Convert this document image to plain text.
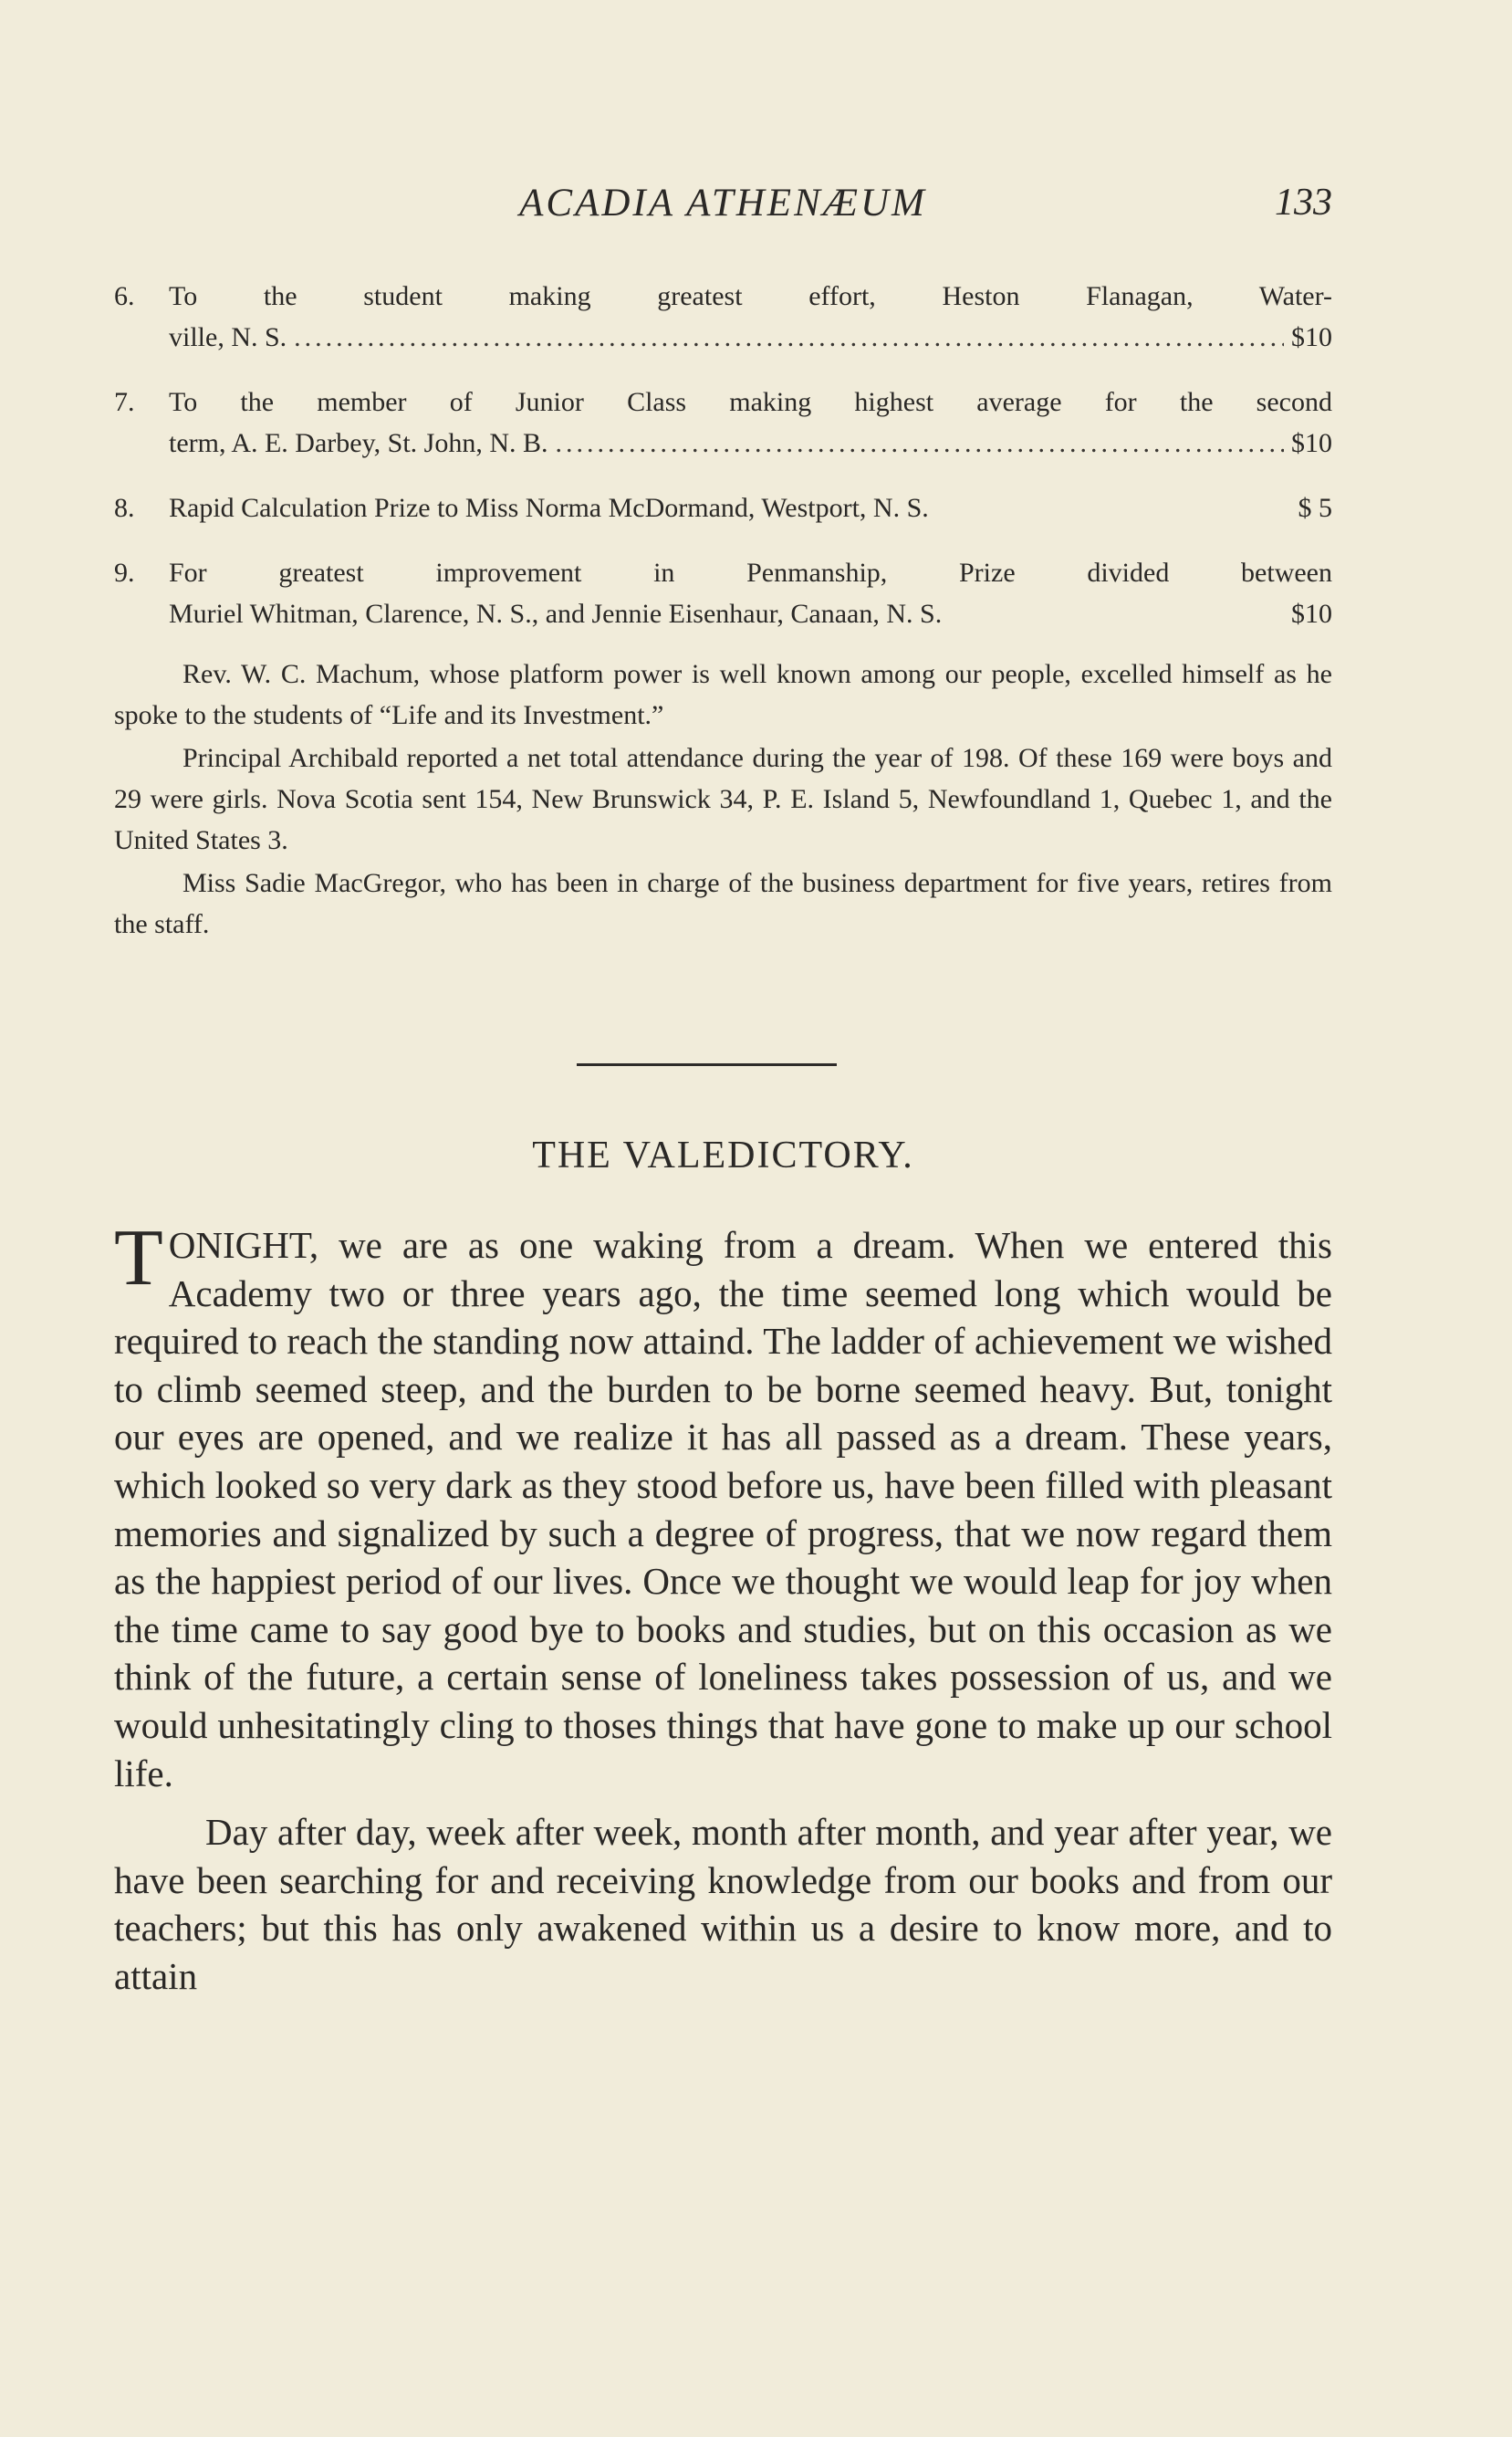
ACADIA ATHENÆUM	133
6. To the student making greatest effort, Heston Flanagan, Water-
ville, N. S. .....	$10
7. To the member of Junior Class making highest average for the second
term, A. E. Darbey, St. John, N. B. .....	$10
8. Rapid Calculation Prize to Miss Norma McDormand, Westport, N. S.	$ 5
9. For greatest improvement in Penmanship, Prize divided between
Muriel Whitman, Clarence, N. S., and Jennie Eisenhaur, Canaan, N. S.	$10

Rev. W. C. Machum, whose platform power is well known among our people, excelled himself as he spoke to the students of “Life and its Investment.”

Principal Archibald reported a net total attendance during the year of 198. Of these 169 were boys and 29 were girls. Nova Scotia sent 154, New Brunswick 34, P. E. Island 5, Newfoundland 1, Quebec 1, and the United States 3.

Miss Sadie MacGregor, who has been in charge of the business department for five years, retires from the staff.

THE VALEDICTORY.

TONIGHT, we are as one waking from a dream. When we entered this Academy two or three years ago, the time seemed long which would be required to reach the standing now attaind. The ladder of achievement we wished to climb seemed steep, and the burden to be borne seemed heavy. But, tonight our eyes are opened, and we realize it has all passed as a dream. These years, which looked so very dark as they stood before us, have been filled with pleasant memories and signalized by such a degree of progress, that we now regard them as the happiest period of our lives. Once we thought we would leap for joy when the time came to say good bye to books and studies, but on this occasion as we think of the future, a certain sense of loneliness takes possession of us, and we would unhesitatingly cling to thoses things that have gone to make up our school life.

Day after day, week after week, month after month, and year after year, we have been searching for and receiving knowledge from our books and from our teachers; but this has only awakened within us a desire to know more, and to attain
